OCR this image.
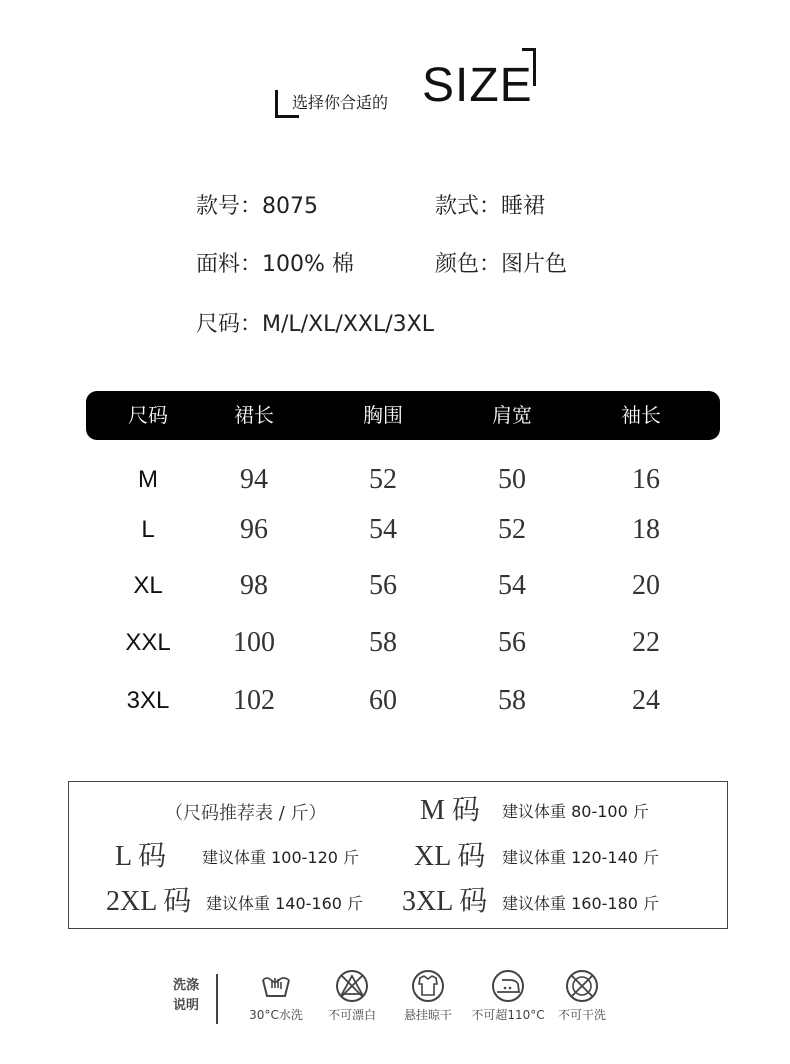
选择你合适的 SIZE
款号：8075	款式：睡裙
面料：100% 棉	颜色：图片色
尺码：M/L/XL/XXL/3XL
尺码	裙长	胸围	肩宽	袖长
M	94	52	50	16
L	96	54	52	18
XL	98	56	54	20
XXL	100	58	56	22
3XL	102	60	58	24
（尺码推荐表 / 斤）	M 码 建议体重 80-100 斤
L 码 建议体重 100-120 斤 XL 码 建议体重 120-140 斤
2XL 码 建议体重 140-160 斤 3XL 码 建议体重 160-180 斤
洗涤
说明
30°C水洗	不可漂白	悬挂晾干	不可超110°C	不可干洗
